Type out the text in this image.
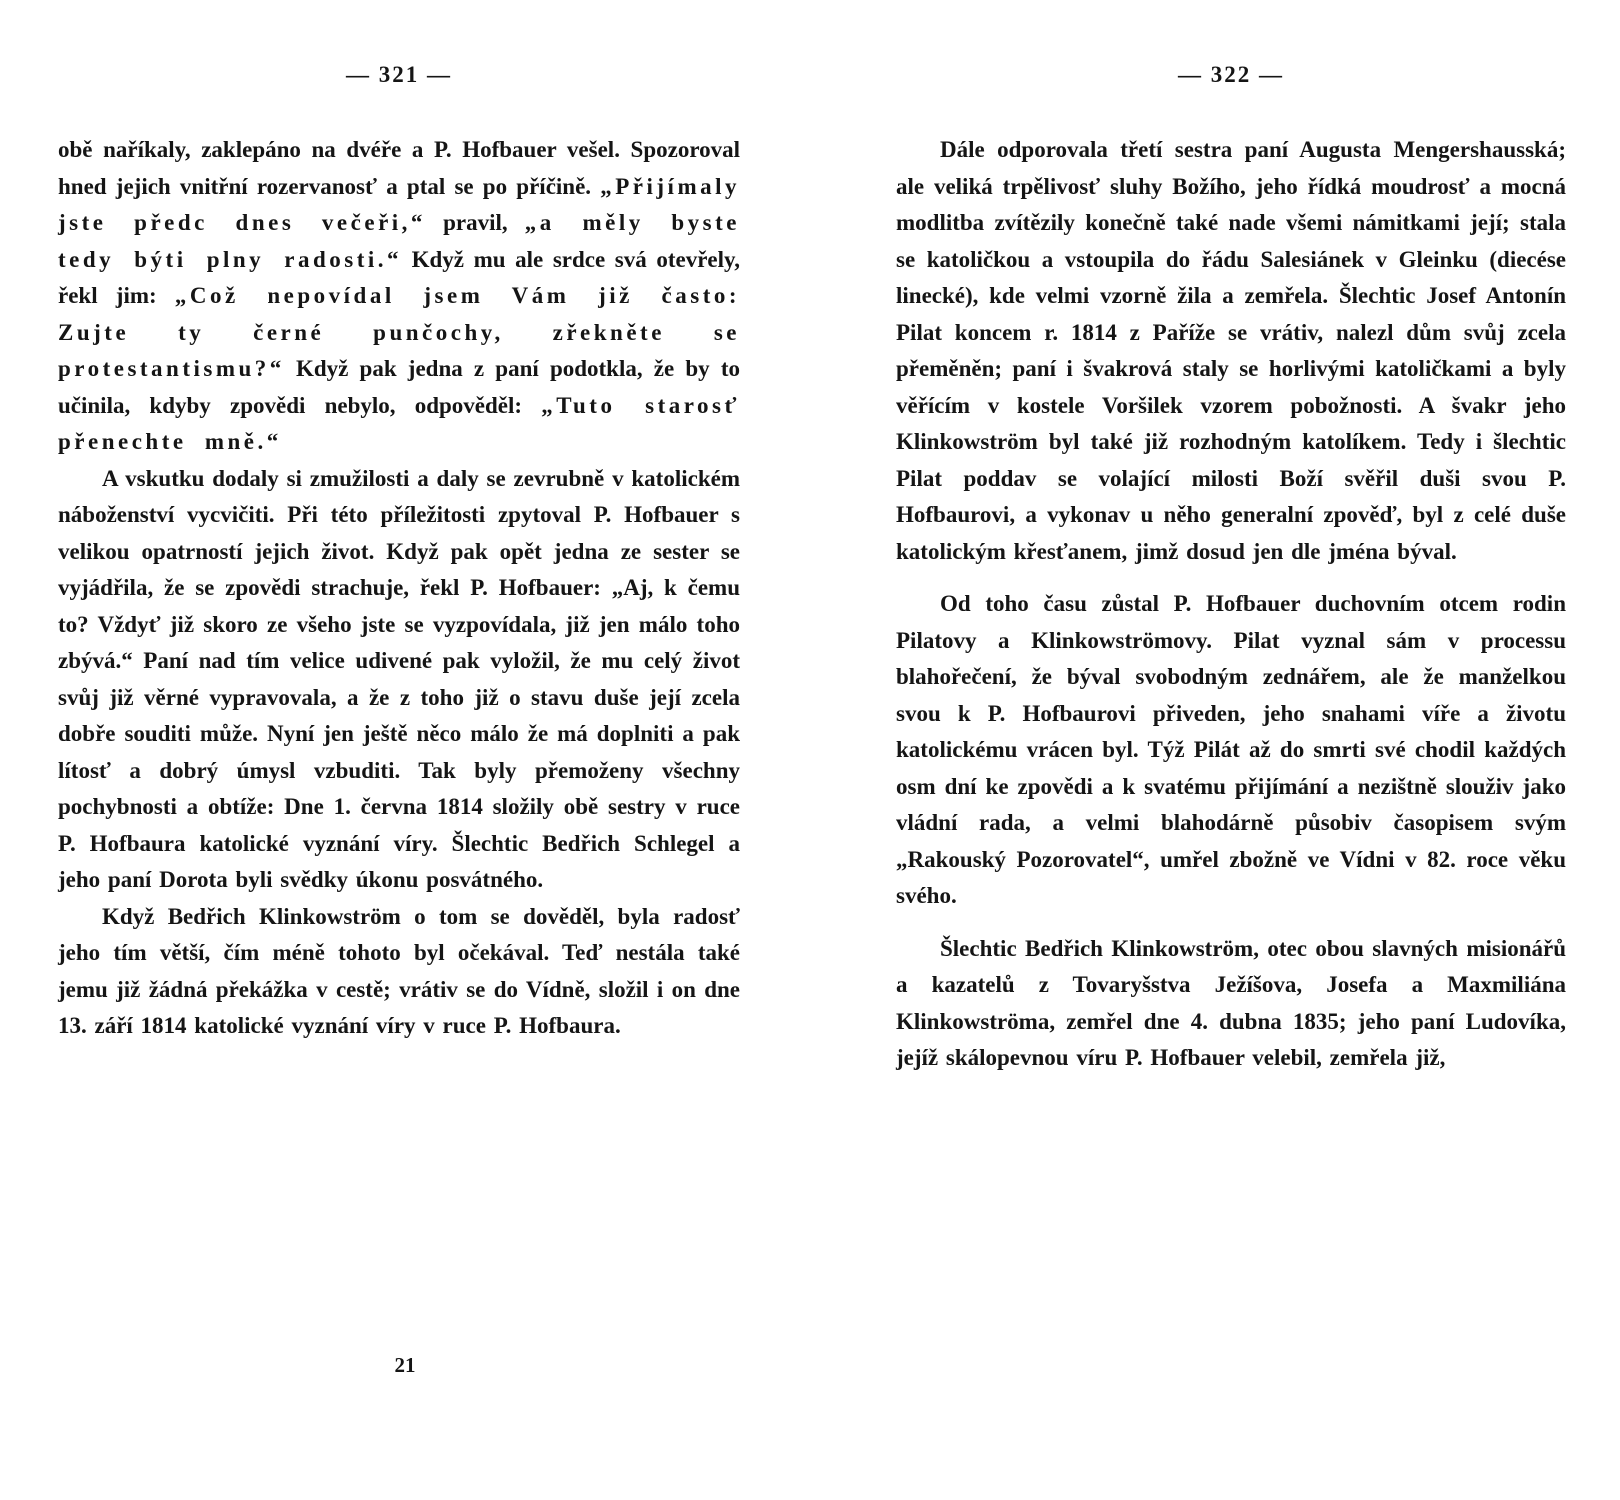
— 321 —

obě naříkaly, zaklepáno na dvéře a P. Hofbauer vešel. Spozoroval hned jejich vnitřní rozervanosť a ptal se po příčině. „Přijímaly jste předc dnes večeři,“ pravil, „a měly byste tedy býti plny radosti.“ Když mu ale srdce svá otevřely, řekl jim: „Což nepovídal jsem Vám již často: Zujte ty černé punčochy, zřekněte se protestantismu?“ Když pak jedna z paní podotkla, že by to učinila, kdyby zpovědi nebylo, odpověděl: „Tuto starosť přenechte mně.“

A vskutku dodaly si zmužilosti a daly se zevrubně v katolickém náboženství vycvičiti. Při této příležitosti zpytoval P. Hofbauer s velikou opatrností jejich život. Když pak opět jedna ze sester se vyjádřila, že se zpovědi strachuje, řekl P. Hofbauer: „Aj, k čemu to? Vždyť již skoro ze všeho jste se vyzpovídala, již jen málo toho zbývá.“ Paní nad tím velice udivené pak vyložil, že mu celý život svůj již věrné vypravovala, a že z toho již o stavu duše její zcela dobře souditi může. Nyní jen ještě něco málo že má doplniti a pak lítosť a dobrý úmysl vzbuditi. Tak byly přemoženy všechny pochybnosti a obtíže: Dne 1. června 1814 složily obě sestry v ruce P. Hofbaura katolické vyznání víry. Šlechtic Bedřich Schlegel a jeho paní Dorota byli svědky úkonu posvátného.

Když Bedřich Klinkowström o tom se dověděl, byla radosť jeho tím větší, čím méně tohoto byl očekával. Teď nestála také jemu již žádná překážka v cestě; vrátiv se do Vídně, složil i on dne 13. září 1814 katolické vyznání víry v ruce P. Hofbaura.

21
— 322 —

Dále odporovala třetí sestra paní Augusta Mengershausská; ale veliká trpělivosť sluhy Božího, jeho řídká moudrosť a mocná modlitba zvítězily konečně také nade všemi námitkami její; stala se katoličkou a vstoupila do řádu Salesiánek v Gleinku (diecése linecké), kde velmi vzorně žila a zemřela. Šlechtic Josef Antonín Pilat koncem r. 1814 z Paříže se vrátiv, nalezl dům svůj zcela přeměněn; paní i švakrová staly se horlivými katoličkami a byly věřícím v kostele Voršilek vzorem pobožnosti. A švakr jeho Klinkowström byl také již rozhodným katolíkem. Tedy i šlechtic Pilat poddav se volající milosti Boží svěřil duši svou P. Hofbaurovi, a vykonav u něho generalní zpověď, byl z celé duše katolickým křesťanem, jimž dosud jen dle jména býval.

Od toho času zůstal P. Hofbauer duchovním otcem rodin Pilatovy a Klinkowströmovy. Pilat vyznal sám v processu blahořečení, že býval svobodným zednářem, ale že manželkou svou k P. Hofbaurovi přiveden, jeho snahami víře a životu katolickému vrácen byl. Týž Pilát až do smrti své chodil každých osm dní ke zpovědi a k svatému přijímání a nezištně slouživ jako vládní rada, a velmi blahodárně působiv časopisem svým „Rakouský Pozorovatel“, umřel zbožně ve Vídni v 82. roce věku svého.

Šlechtic Bedřich Klinkowström, otec obou slavných misionářů a kazatelů z Tovaryšstva Ježíšova, Josefa a Maxmiliána Klinkowströma, zemřel dne 4. dubna 1835; jeho paní Ludovíka, jejíž skálopevnou víru P. Hofbauer velebil, zemřela již,
